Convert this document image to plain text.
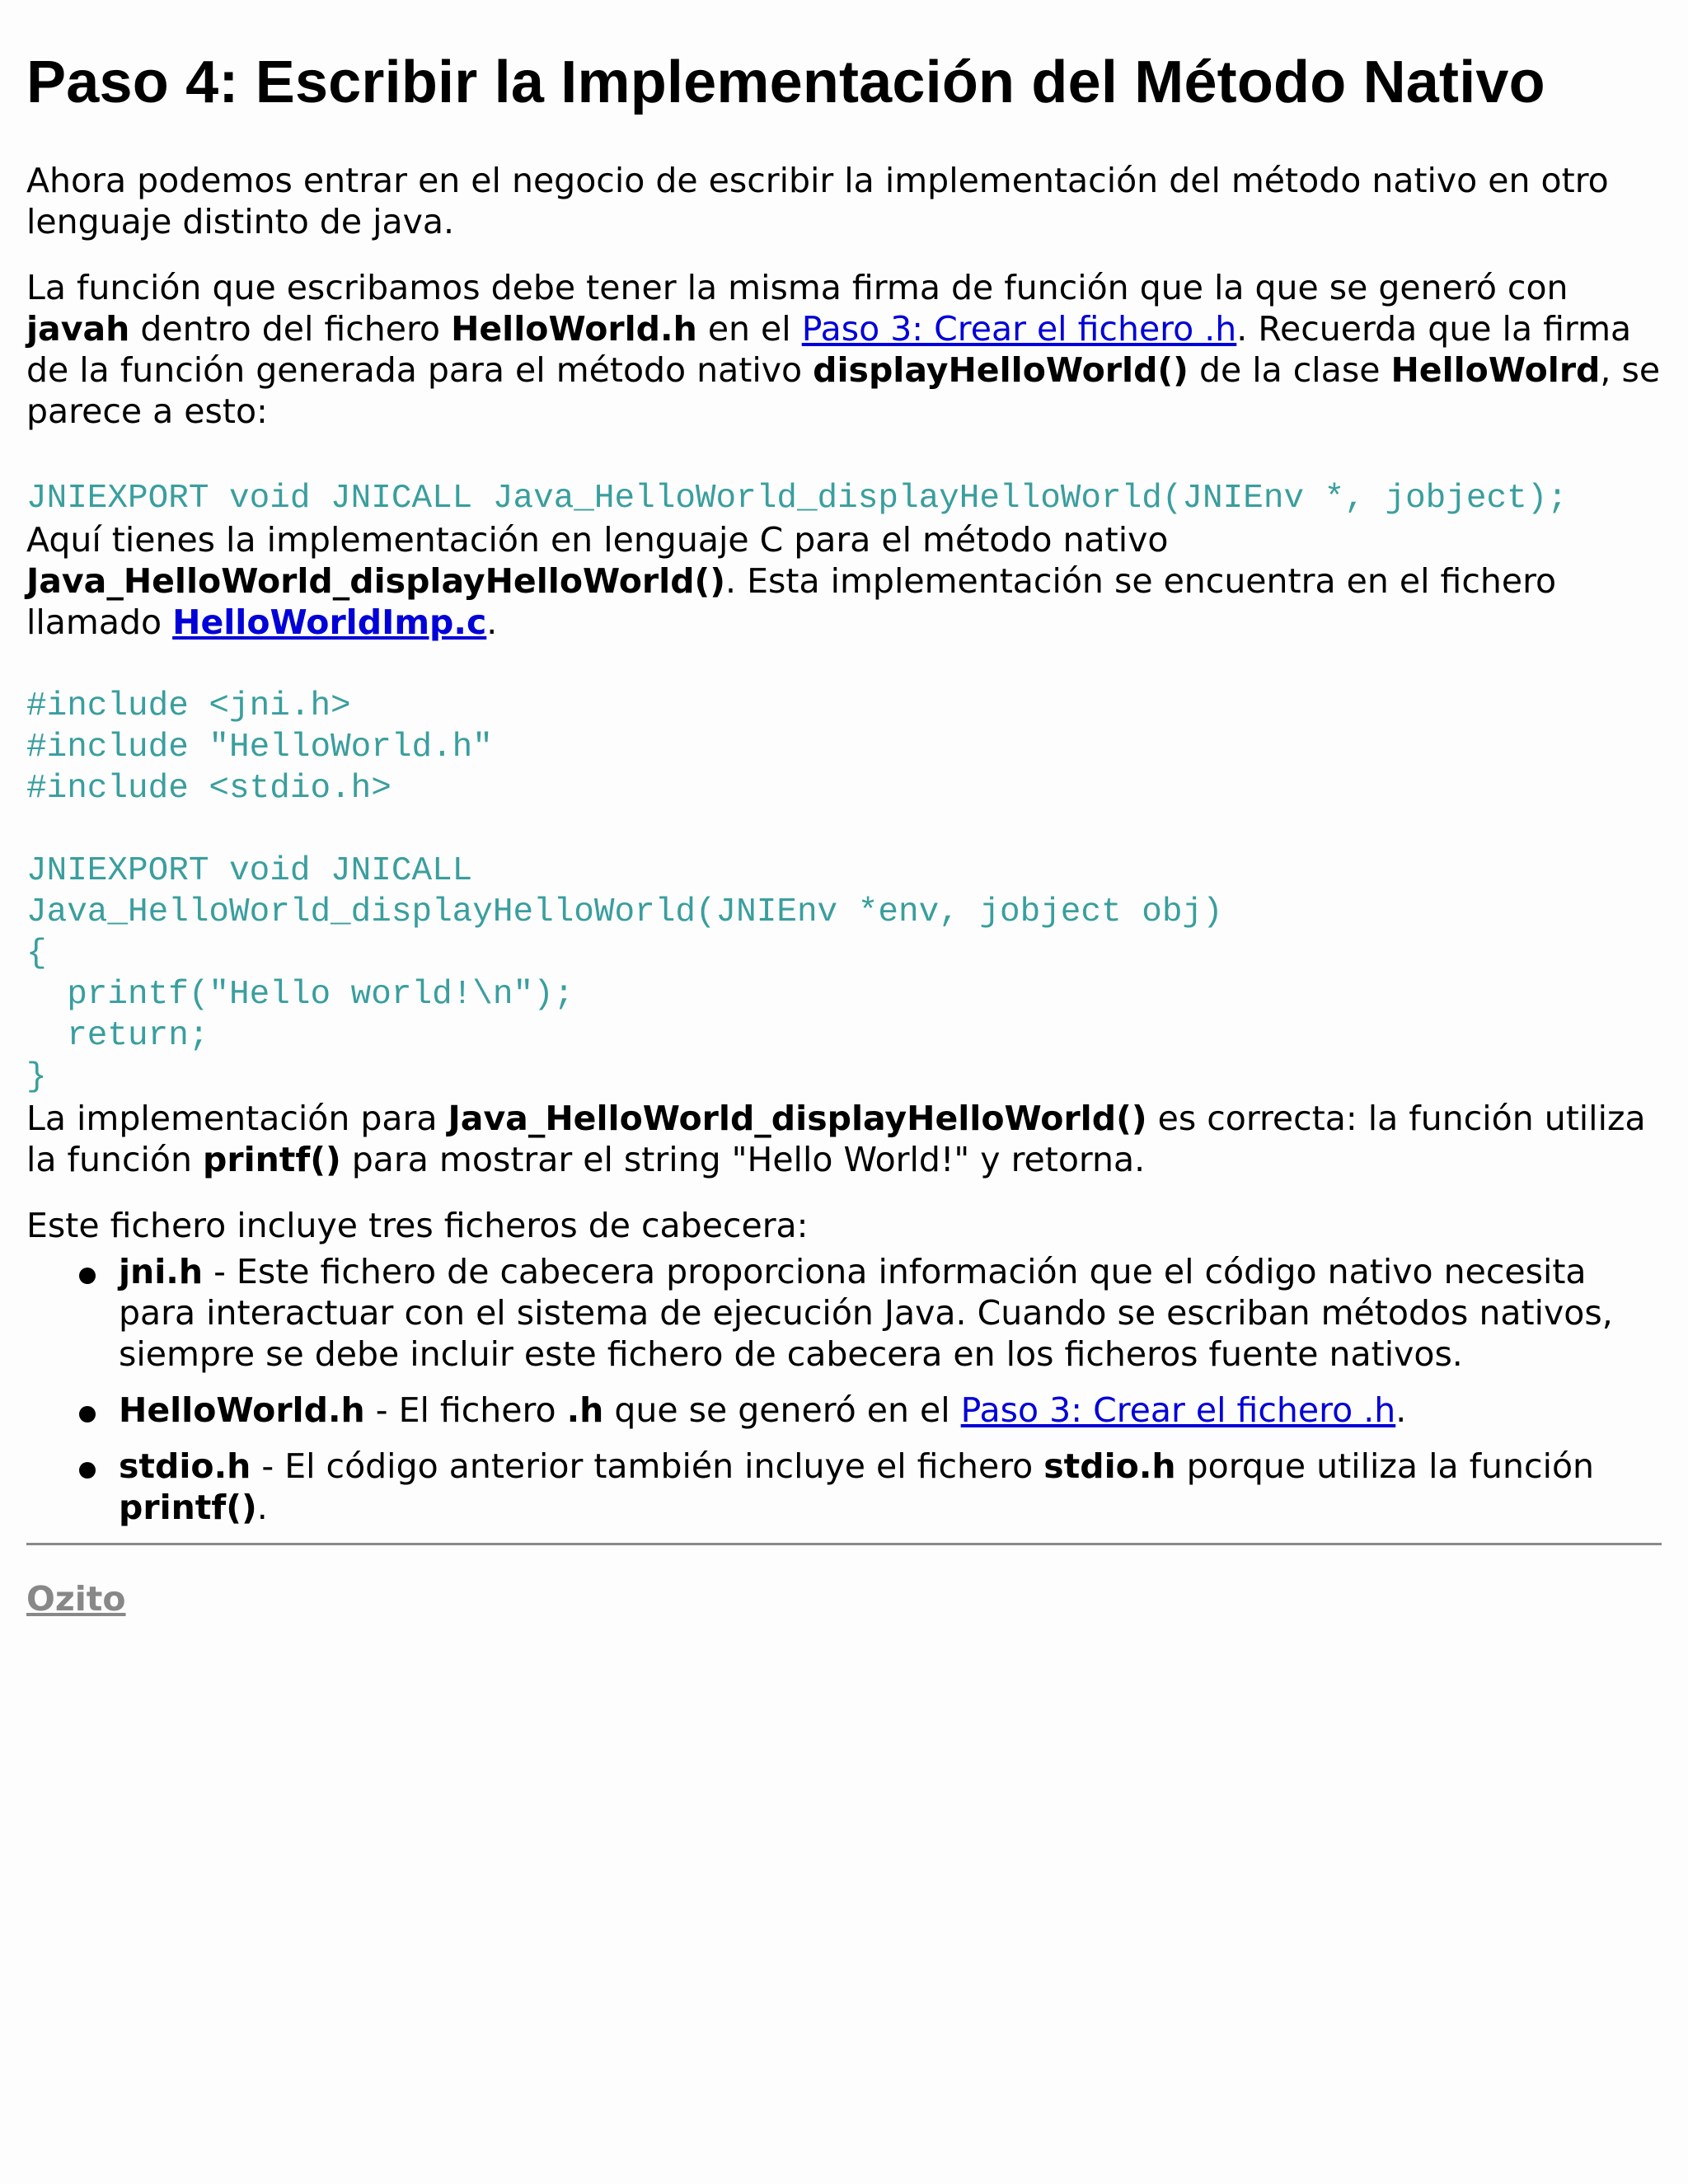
Paso 4: Escribir la Implementación del Método Nativo

Ahora podemos entrar en el negocio de escribir la implementación del método nativo en otro lenguaje distinto de java.

La función que escribamos debe tener la misma firma de función que la que se generó con javah dentro del fichero HelloWorld.h en el Paso 3: Crear el fichero .h. Recuerda que la firma de la función generada para el método nativo displayHelloWorld() de la clase HelloWolrd, se parece a esto:

JNIEXPORT void JNICALL Java_HelloWorld_displayHelloWorld(JNIEnv *, jobject);

Aquí tienes la implementación en lenguaje C para el método nativo Java_HelloWorld_displayHelloWorld(). Esta implementación se encuentra en el fichero llamado HelloWorldImp.c.

#include <jni.h>
#include "HelloWorld.h"
#include <stdio.h>

JNIEXPORT void JNICALL
Java_HelloWorld_displayHelloWorld(JNIEnv *env, jobject obj)
{
printf("Hello world!\n");
return;
}

La implementación para Java_HelloWorld_displayHelloWorld() es correcta: la función utiliza la función printf() para mostrar el string "Hello World!" y retorna.

Este fichero incluye tres ficheros de cabecera:

jni.h - Este fichero de cabecera proporciona información que el código nativo necesita para interactuar con el sistema de ejecución Java. Cuando se escriban métodos nativos, siempre se debe incluir este fichero de cabecera en los ficheros fuente nativos.
HelloWorld.h - El fichero .h que se generó en el Paso 3: Crear el fichero .h.
stdio.h - El código anterior también incluye el fichero stdio.h porque utiliza la función printf().
Ozito
